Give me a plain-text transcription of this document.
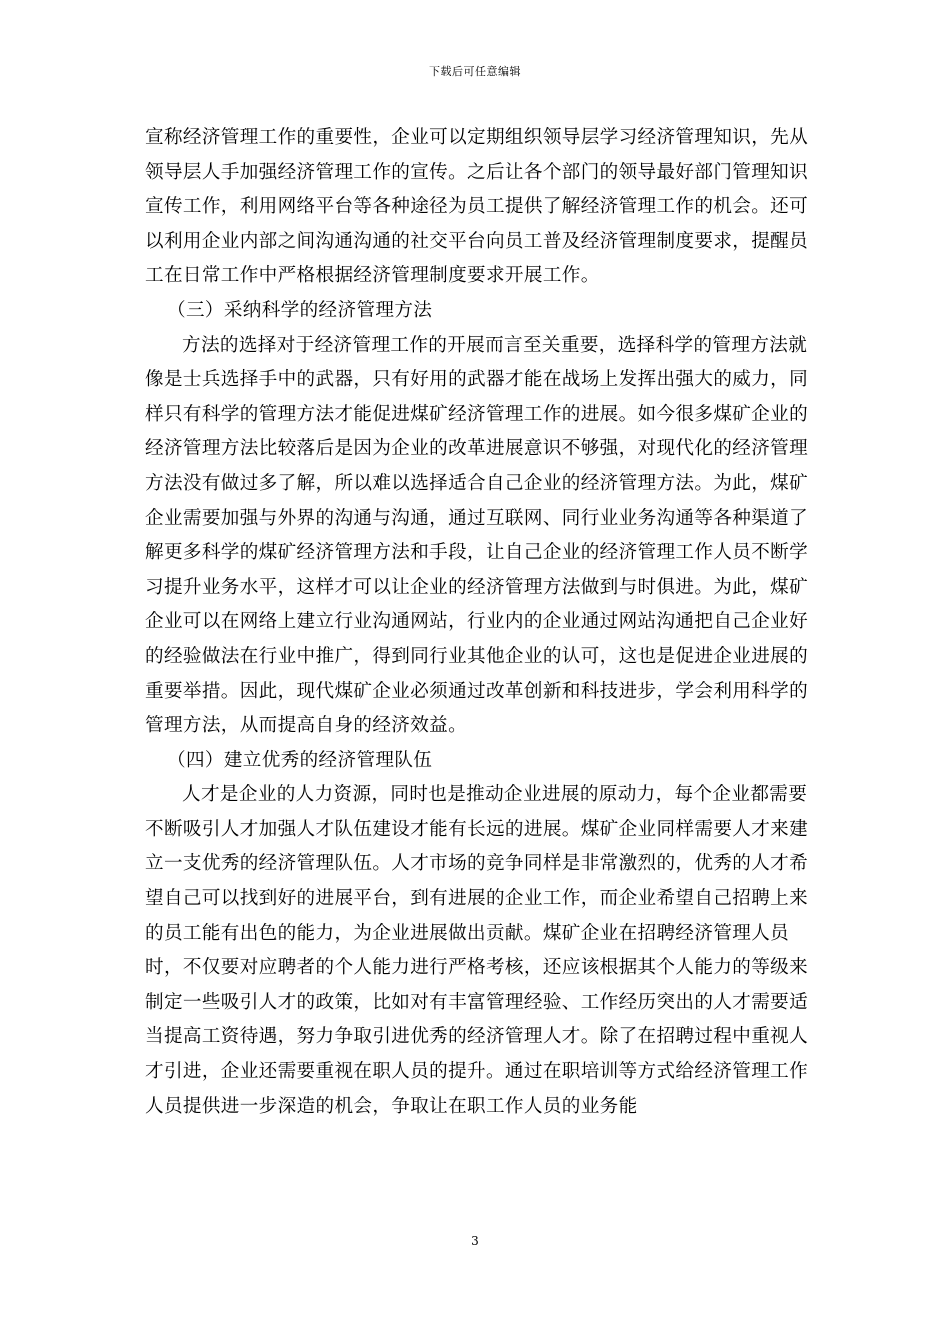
下载后可任意编辑

宣称经济管理工作的重要性，企业可以定期组织领导层学习经济管理知识，先从领导层人手加强经济管理工作的宣传。之后让各个部门的领导最好部门管理知识宣传工作，利用网络平台等各种途径为员工提供了解经济管理工作的机会。还可以利用企业内部之间沟通沟通的社交平台向员工普及经济管理制度要求，提醒员工在日常工作中严格根据经济管理制度要求开展工作。

（三）采纳科学的经济管理方法

方法的选择对于经济管理工作的开展而言至关重要，选择科学的管理方法就像是士兵选择手中的武器，只有好用的武器才能在战场上发挥出强大的威力，同样只有科学的管理方法才能促进煤矿经济管理工作的进展。如今很多煤矿企业的经济管理方法比较落后是因为企业的改革进展意识不够强，对现代化的经济管理方法没有做过多了解，所以难以选择适合自己企业的经济管理方法。为此，煤矿企业需要加强与外界的沟通与沟通，通过互联网、同行业业务沟通等各种渠道了解更多科学的煤矿经济管理方法和手段，让自己企业的经济管理工作人员不断学习提升业务水平，这样才可以让企业的经济管理方法做到与时俱进。为此，煤矿企业可以在网络上建立行业沟通网站，行业内的企业通过网站沟通把自己企业好的经验做法在行业中推广，得到同行业其他企业的认可，这也是促进企业进展的重要举措。因此，现代煤矿企业必须通过改革创新和科技进步，学会利用科学的管理方法，从而提高自身的经济效益。

（四）建立优秀的经济管理队伍

人才是企业的人力资源，同时也是推动企业进展的原动力，每个企业都需要不断吸引人才加强人才队伍建设才能有长远的进展。煤矿企业同样需要人才来建立一支优秀的经济管理队伍。人才市场的竞争同样是非常激烈的，优秀的人才希望自己可以找到好的进展平台，到有进展的企业工作，而企业希望自己招聘上来的员工能有出色的能力，为企业进展做出贡献。煤矿企业在招聘经济管理人员时，不仅要对应聘者的个人能力进行严格考核，还应该根据其个人能力的等级来制定一些吸引人才的政策，比如对有丰富管理经验、工作经历突出的人才需要适当提高工资待遇，努力争取引进优秀的经济管理人才。除了在招聘过程中重视人才引进，企业还需要重视在职人员的提升。通过在职培训等方式给经济管理工作人员提供进一步深造的机会，争取让在职工作人员的业务能

3
